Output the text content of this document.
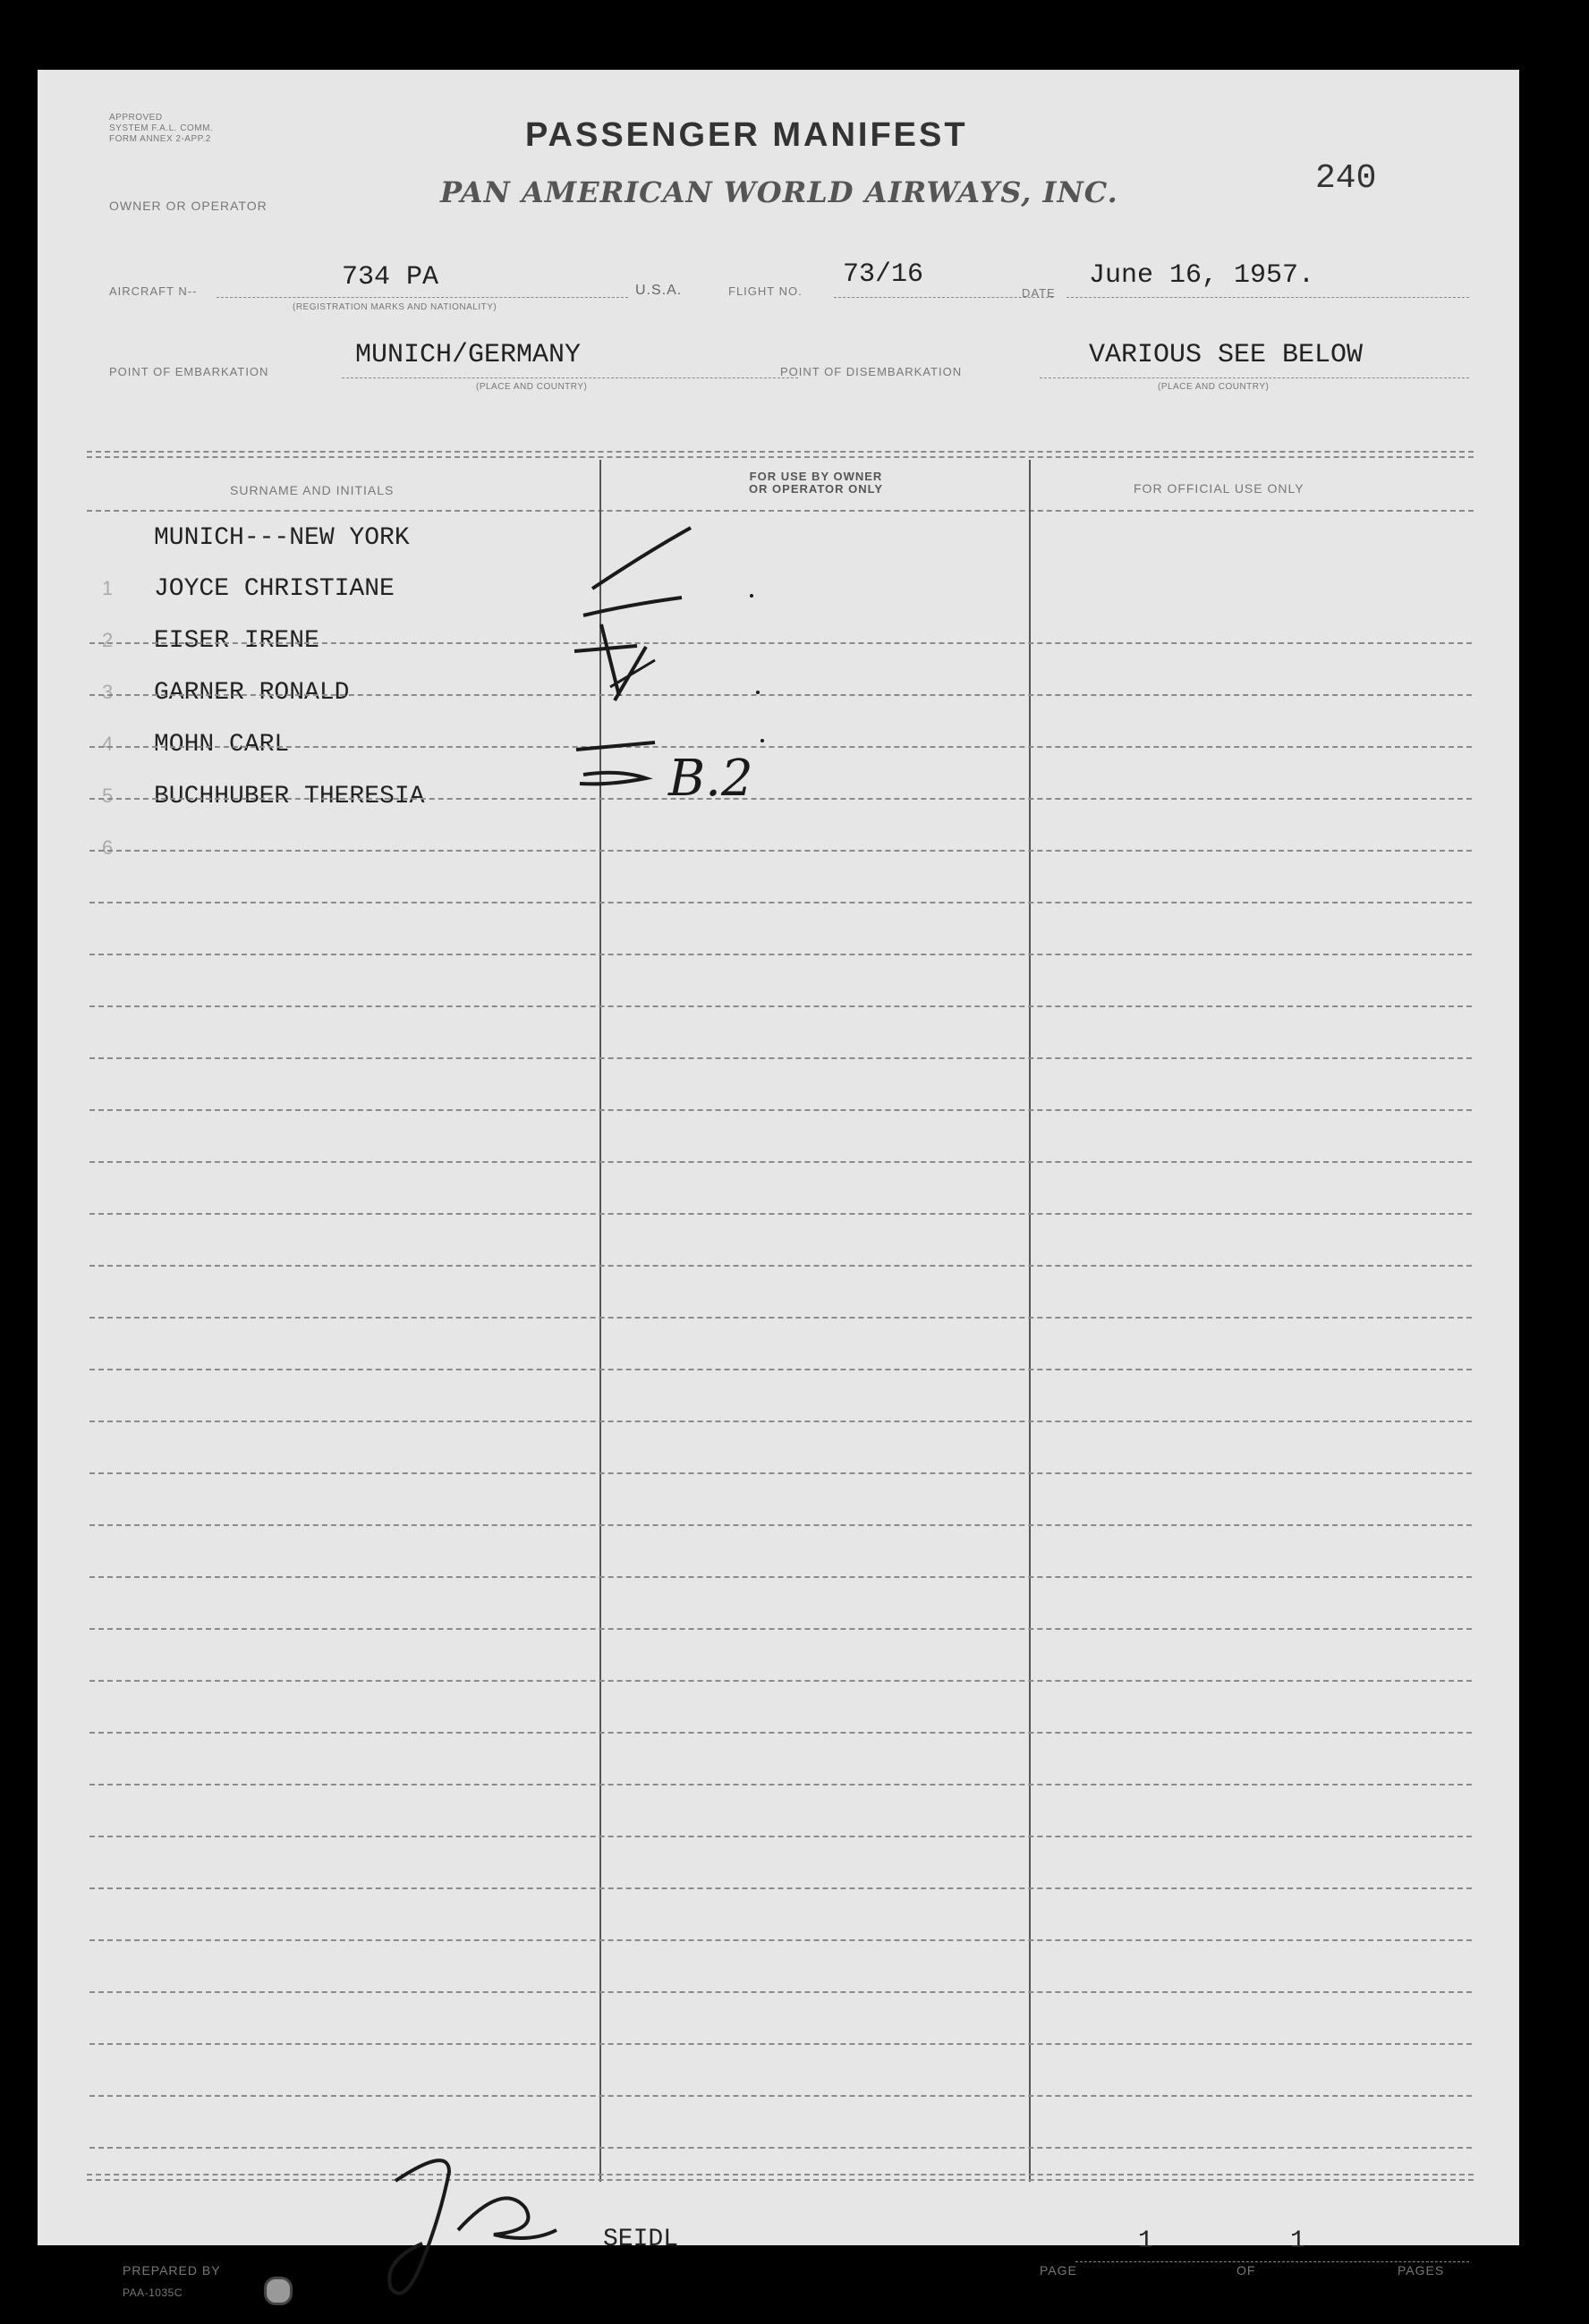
APPROVED
SYSTEM F.A.L. COMM.
FORM ANNEX 2-APP.2
OWNER OR OPERATOR
PASSENGER MANIFEST
PAN AMERICAN WORLD AIRWAYS, INC.	240
AIRCRAFT N--	734 PA
(REGISTRATION MARKS AND NATIONALITY)
U.S.A.	FLIGHT NO.
73/16
DATE
June 16, 1957.
POINT OF EMBARKATION
MUNICH/GERMANY
(PLACE AND COUNTRY)
POINT OF DISEMBARKATION
VARIOUS SEE BELOW
(PLACE AND COUNTRY)
SURNAME AND INITIALS
FOR USE BY OWNER
OR OPERATOR ONLY	FOR OFFICIAL USE ONLY
MUNICH---NEW YORK
1 JOYCE CHRISTIANE
2 EISER IRENE
3 GARNER RONALD
4 MOHN CARL
5 BUCHHUBER THERESIA
6
B.2
SEIDL
PREPARED BY
PAA-1035C
PAGE
1
OF
1
PAGES
